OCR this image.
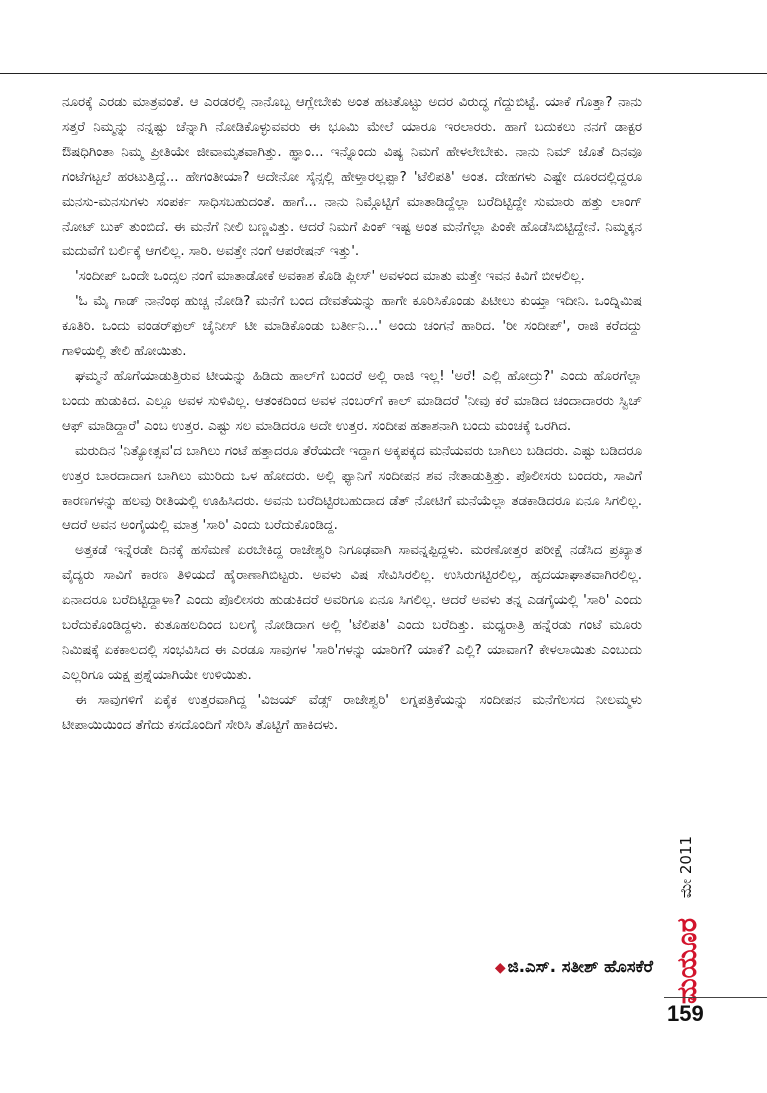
ನೂರಕ್ಕೆ ಎರಡು ಮಾತ್ರವಂತೆ. ಆ ಎರಡರಲ್ಲಿ ನಾನೊಬ್ಬ ಆಗ್ಲೇಬೇಕು ಅಂತ ಹಟತೊಟ್ಟು ಅದರ ವಿರುದ್ಧ ಗೆದ್ದುಬಿಟ್ಟೆ. ಯಾಕೆ ಗೊತ್ತಾ? ನಾನು ಸತ್ತರೆ ನಿಮ್ಮನ್ನು ನನ್ನಷ್ಟು ಚೆನ್ನಾಗಿ ನೋಡಿಕೊಳ್ಳುವವರು ಈ ಭೂಮಿ ಮೇಲೆ ಯಾರೂ ಇರಲಾರರು. ಹಾಗೆ ಬದುಕಲು ನನಗೆ ಡಾಕ್ಟರ ಔಷಧಿಗಿಂತಾ ನಿಮ್ಮ ಪ್ರೀತಿಯೇ ಜೀವಾಮೃತವಾಗಿತ್ತು. ಹ್ಞಾಂ... ಇನ್ನೊಂದು ವಿಷ್ಯ ನಿಮಗೆ ಹೇಳಲೇಬೇಕು. ನಾನು ನಿಮ್ ಜೊತೆ ದಿನವೂ ಗಂಟೆಗಟ್ಟಲೆ ಹರಟುತ್ತಿದ್ದೆ... ಹೇಗಂತೀಯಾ? ಅದೇನೋ ಸೈನ್ಸಲ್ಲಿ ಹೇಳ್ತಾರಲ್ಲಪ್ಪಾ? 'ಟೆಲಿಪತಿ' ಅಂತ. ದೇಹಗಳು ಎಷ್ಟೇ ದೂರದಲ್ಲಿದ್ದರೂ ಮನಸು-ಮನಸುಗಳು ಸಂಪರ್ಕ ಸಾಧಿಸಬಹುದಂತೆ. ಹಾಗೆ... ನಾನು ನಿಮ್ಗೊಟ್ಟಿಗೆ ಮಾತಾಡಿದ್ದೆಲ್ಲಾ ಬರೆದಿಟ್ಟಿದ್ದೇ ಸುಮಾರು ಹತ್ತು ಲಾಂಗ್ ನೋಟ್ ಬುಕ್ ತುಂಬಿದೆ. ಈ ಮನೆಗೆ ನೀಲಿ ಬಣ್ಣವಿತ್ತು. ಆದರೆ ನಿಮಗೆ ಪಿಂಕ್ ಇಷ್ಟ ಅಂತ ಮನೆಗೆಲ್ಲಾ ಪಿಂಕೇ ಹೊಡೆಸಿಬಿಟ್ಟಿದ್ದೇನೆ. ನಿಮ್ಮಕ್ಕನ ಮದುವೆಗೆ ಬರ್ಲಿಕ್ಕೆ ಆಗಲಿಲ್ಲ. ಸಾರಿ. ಅವತ್ತೇ ನಂಗೆ ಆಪರೇಷನ್ ಇತ್ತು'.

'ಸಂದೀಪ್ ಒಂದೇ ಒಂದ್ಸಲ ನಂಗೆ ಮಾತಾಡೋಕೆ ಅವಕಾಶ ಕೊಡಿ ಪ್ಲೀಸ್' ಅವಳಂದ ಮಾತು ಮತ್ತೇ ಇವನ ಕಿವಿಗೆ ಬೀಳಲಿಲ್ಲ.

'ಓ ಮೈ ಗಾಡ್ ನಾನೆಂಥ ಹುಚ್ಚ ನೋಡಿ? ಮನೆಗೆ ಬಂದ ದೇವತೆಯನ್ನು ಹಾಗೇ ಕೂರಿಸಿಕೊಂಡು ಪಿಟೀಲು ಕುಯ್ತಾ ಇದೀನಿ. ಒಂದ್ನಿಮಿಷ ಕೂತಿರಿ. ಒಂದು ವಂಡರ್‌ಫುಲ್ ಚೈನೀಸ್ ಟೀ ಮಾಡಿಕೊಂಡು ಬರ್ತೀನಿ...' ಅಂದು ಚಂಗನೆ ಹಾರಿದ. 'ರೀ ಸಂದೀಪ್', ರಾಜಿ ಕರೆದದ್ದು ಗಾಳಿಯಲ್ಲಿ ತೇಲಿ ಹೋಯಿತು.

ಘಮ್ಮನೆ ಹೊಗೆಯಾಡುತ್ತಿರುವ ಟೀಯನ್ನು ಹಿಡಿದು ಹಾಲ್‌ಗೆ ಬಂದರೆ ಅಲ್ಲಿ ರಾಜಿ ಇಲ್ಲ! 'ಅರೆ! ಎಲ್ಲಿ ಹೋದ್ರು?' ಎಂದು ಹೊರಗೆಲ್ಲಾ ಬಂದು ಹುಡುಕಿದ. ಎಲ್ಲೂ ಅವಳ ಸುಳಿವಿಲ್ಲ. ಆತಂಕದಿಂದ ಅವಳ ನಂಬರ್‌ಗೆ ಕಾಲ್ ಮಾಡಿದರೆ 'ನೀವು ಕರೆ ಮಾಡಿದ ಚಂದಾದಾರರು ಸ್ವಿಚ್ ಆಫ್ ಮಾಡಿದ್ದಾರೆ' ಎಂಬ ಉತ್ತರ. ಎಷ್ಟು ಸಲ ಮಾಡಿದರೂ ಅದೇ ಉತ್ತರ. ಸಂದೀಪ ಹತಾಶನಾಗಿ ಬಂದು ಮಂಚಕ್ಕೆ ಒರಗಿದ.

ಮರುದಿನ 'ನಿತ್ಯೋತ್ಸವ'ದ ಬಾಗಿಲು ಗಂಟೆ ಹತ್ತಾದರೂ ತೆರೆಯದೇ ಇದ್ದಾಗ ಅಕ್ಕಪಕ್ಕದ ಮನೆಯವರು ಬಾಗಿಲು ಬಡಿದರು. ಎಷ್ಟು ಬಡಿದರೂ ಉತ್ತರ ಬಾರದಾದಾಗ ಬಾಗಿಲು ಮುರಿದು ಒಳ ಹೋದರು. ಅಲ್ಲಿ ಫ್ಯಾನಿಗೆ ಸಂದೀಪನ ಶವ ನೇತಾಡುತ್ತಿತ್ತು. ಪೊಲೀಸರು ಬಂದರು, ಸಾವಿಗೆ ಕಾರಣಗಳನ್ನು ಹಲವು ರೀತಿಯಲ್ಲಿ ಊಹಿಸಿದರು. ಅವನು ಬರೆದಿಟ್ಟಿರಬಹುದಾದ ಡೆತ್ ನೋಟಿಗೆ ಮನೆಯೆಲ್ಲಾ ತಡಕಾಡಿದರೂ ಏನೂ ಸಿಗಲಿಲ್ಲ. ಆದರೆ ಅವನ ಅಂಗೈಯಲ್ಲಿ ಮಾತ್ರ 'ಸಾರಿ' ಎಂದು ಬರೆದುಕೊಂಡಿದ್ದ.

ಅತ್ತಕಡೆ ಇನ್ನೆರಡೇ ದಿನಕ್ಕೆ ಹಸೆಮಣೆ ಏರಬೇಕಿದ್ದ ರಾಜೇಶ್ವರಿ ನಿಗೂಢವಾಗಿ ಸಾವನ್ನಪ್ಪಿದ್ದಳು. ಮರಣೋತ್ತರ ಪರೀಕ್ಷೆ ನಡೆಸಿದ ಪ್ರಖ್ಯಾತ ವೈದ್ಯರು ಸಾವಿಗೆ ಕಾರಣ ತಿಳಿಯದೆ ಹೈರಾಣಾಗಿಬಿಟ್ಟರು. ಅವಳು ವಿಷ ಸೇವಿಸಿರಲಿಲ್ಲ. ಉಸಿರುಗಟ್ಟಿರಲಿಲ್ಲ, ಹೃದಯಾಘಾತವಾಗಿರಲಿಲ್ಲ. ಏನಾದರೂ ಬರೆದಿಟ್ಟಿದ್ದಾಳಾ? ಎಂದು ಪೊಲೀಸರು ಹುಡುಕಿದರೆ ಅವರಿಗೂ ಏನೂ ಸಿಗಲಿಲ್ಲ. ಆದರೆ ಅವಳು ತನ್ನ ಎಡಗೈಯಲ್ಲಿ 'ಸಾರಿ' ಎಂದು ಬರೆದುಕೊಂಡಿದ್ದಳು. ಕುತೂಹಲದಿಂದ ಬಲಗೈ ನೋಡಿದಾಗ ಅಲ್ಲಿ 'ಟೆಲಿಪತಿ' ಎಂದು ಬರೆದಿತ್ತು. ಮಧ್ಯರಾತ್ರಿ ಹನ್ನೆರಡು ಗಂಟೆ ಮೂರು ನಿಮಿಷಕ್ಕೆ ಏಕಕಾಲದಲ್ಲಿ ಸಂಭವಿಸಿದ ಈ ಎರಡೂ ಸಾವುಗಳ 'ಸಾರಿ'ಗಳನ್ನು ಯಾರಿಗೆ? ಯಾಕೆ? ಎಲ್ಲಿ? ಯಾವಾಗ? ಕೇಳಲಾಯಿತು ಎಂಬುದು ಎಲ್ಲರಿಗೂ ಯಕ್ಷ ಪ್ರಶ್ನೆಯಾಗಿಯೇ ಉಳಿಯಿತು.

ಈ ಸಾವುಗಳಿಗೆ ಏಕೈಕ ಉತ್ತರವಾಗಿದ್ದ 'ವಿಜಯ್ ವೆಡ್ಸ್ ರಾಜೇಶ್ವರಿ' ಲಗ್ನಪತ್ರಿಕೆಯನ್ನು ಸಂದೀಪನ ಮನೆಗೆಲಸದ ನೀಲಮ್ಮಳು ಟೀಪಾಯಿಯಿಂದ ತೆಗೆದು ಕಸದೊಂದಿಗೆ ಸೇರಿಸಿ ತೊಟ್ಟಿಗೆ ಹಾಕಿದಳು.

◆ ಜಿ.ಎಸ್. ಸತೀಶ್ ಹೊಸಕೆರೆ
ಮೇ 2011
ಮಯೂರ
159
